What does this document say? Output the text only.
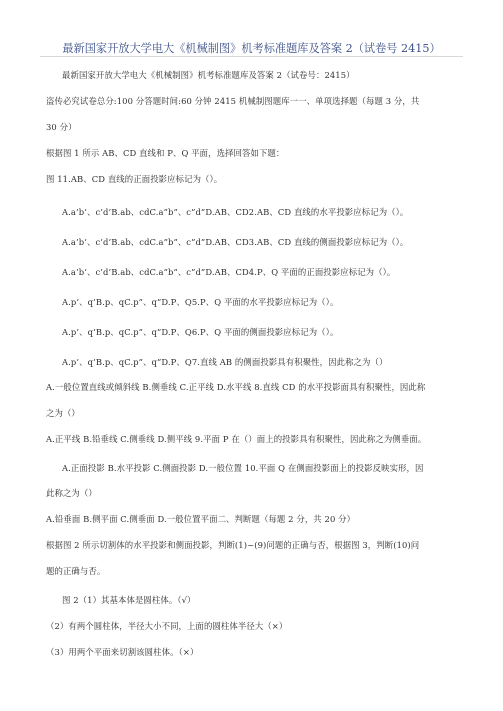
最新国家开放大学电大《机械制图》机考标准题库及答案 2（试卷号 2415）
最新国家开放大学电大《机械制图》机考标准题库及答案 2（试卷号：2415）
盗传必究试卷总分:100 分答题时间:60 分钟 2415 机械制图题库一一、单项选择题（每题 3 分，共
30 分）
根据图 1 所示 AB、CD 直线和 P、Q 平面，选择回答如下题：
图 11.AB、CD 直线的正面投影应标记为（）。
A.a’b’、c’d’B.ab、cdC.a”b”、c”d”D.AB、CD2.AB、CD 直线的水平投影应标记为（）。
A.a’b’、c’d’B.ab、cdC.a”b”、c”d”D.AB、CD3.AB、CD 直线的侧面投影应标记为（）。
A.a’b’、c’d’B.ab、cdC.a”b”、c”d”D.AB、CD4.P、Q 平面的正面投影应标记为（）。
A.p’、q’B.p、qC.p”、q”D.P、Q5.P、Q 平面的水平投影应标记为（）。
A.p’、q’B.p、qC.p”、q”D.P、Q6.P、Q 平面的侧面投影应标记为（）。
A.p’、q’B.p、qC.p”、q”D.P、Q7.直线 AB 的侧面投影具有积聚性，因此称之为（）
A.一般位置直线或倾斜线 B.侧垂线 C.正平线 D.水平线 8.直线 CD 的水平投影面具有积聚性，因此称
之为（）
A.正平线 B.铅垂线 C.侧垂线 D.侧平线 9.平面 P 在（）面上的投影具有积聚性，因此称之为侧垂面。
A.正面投影 B.水平投影 C.侧面投影 D.一般位置 10.平面 Q 在侧面投影面上的投影反映实形，因
此称之为（）
A.铅垂面 B.侧平面 C.侧垂面 D.一般位置平面二、判断题（每题 2 分，共 20 分）
根据图 2 所示切割体的水平投影和侧面投影，判断(1)~(9)问题的正确与否，根据图 3，判断(10)问
题的正确与否。
图 2（1）其基本体是圆柱体。（√）
（2）有两个圆柱体，半径大小不同，上面的圆柱体半径大（×）
（3）用两个平面来切割该圆柱体。（×）
